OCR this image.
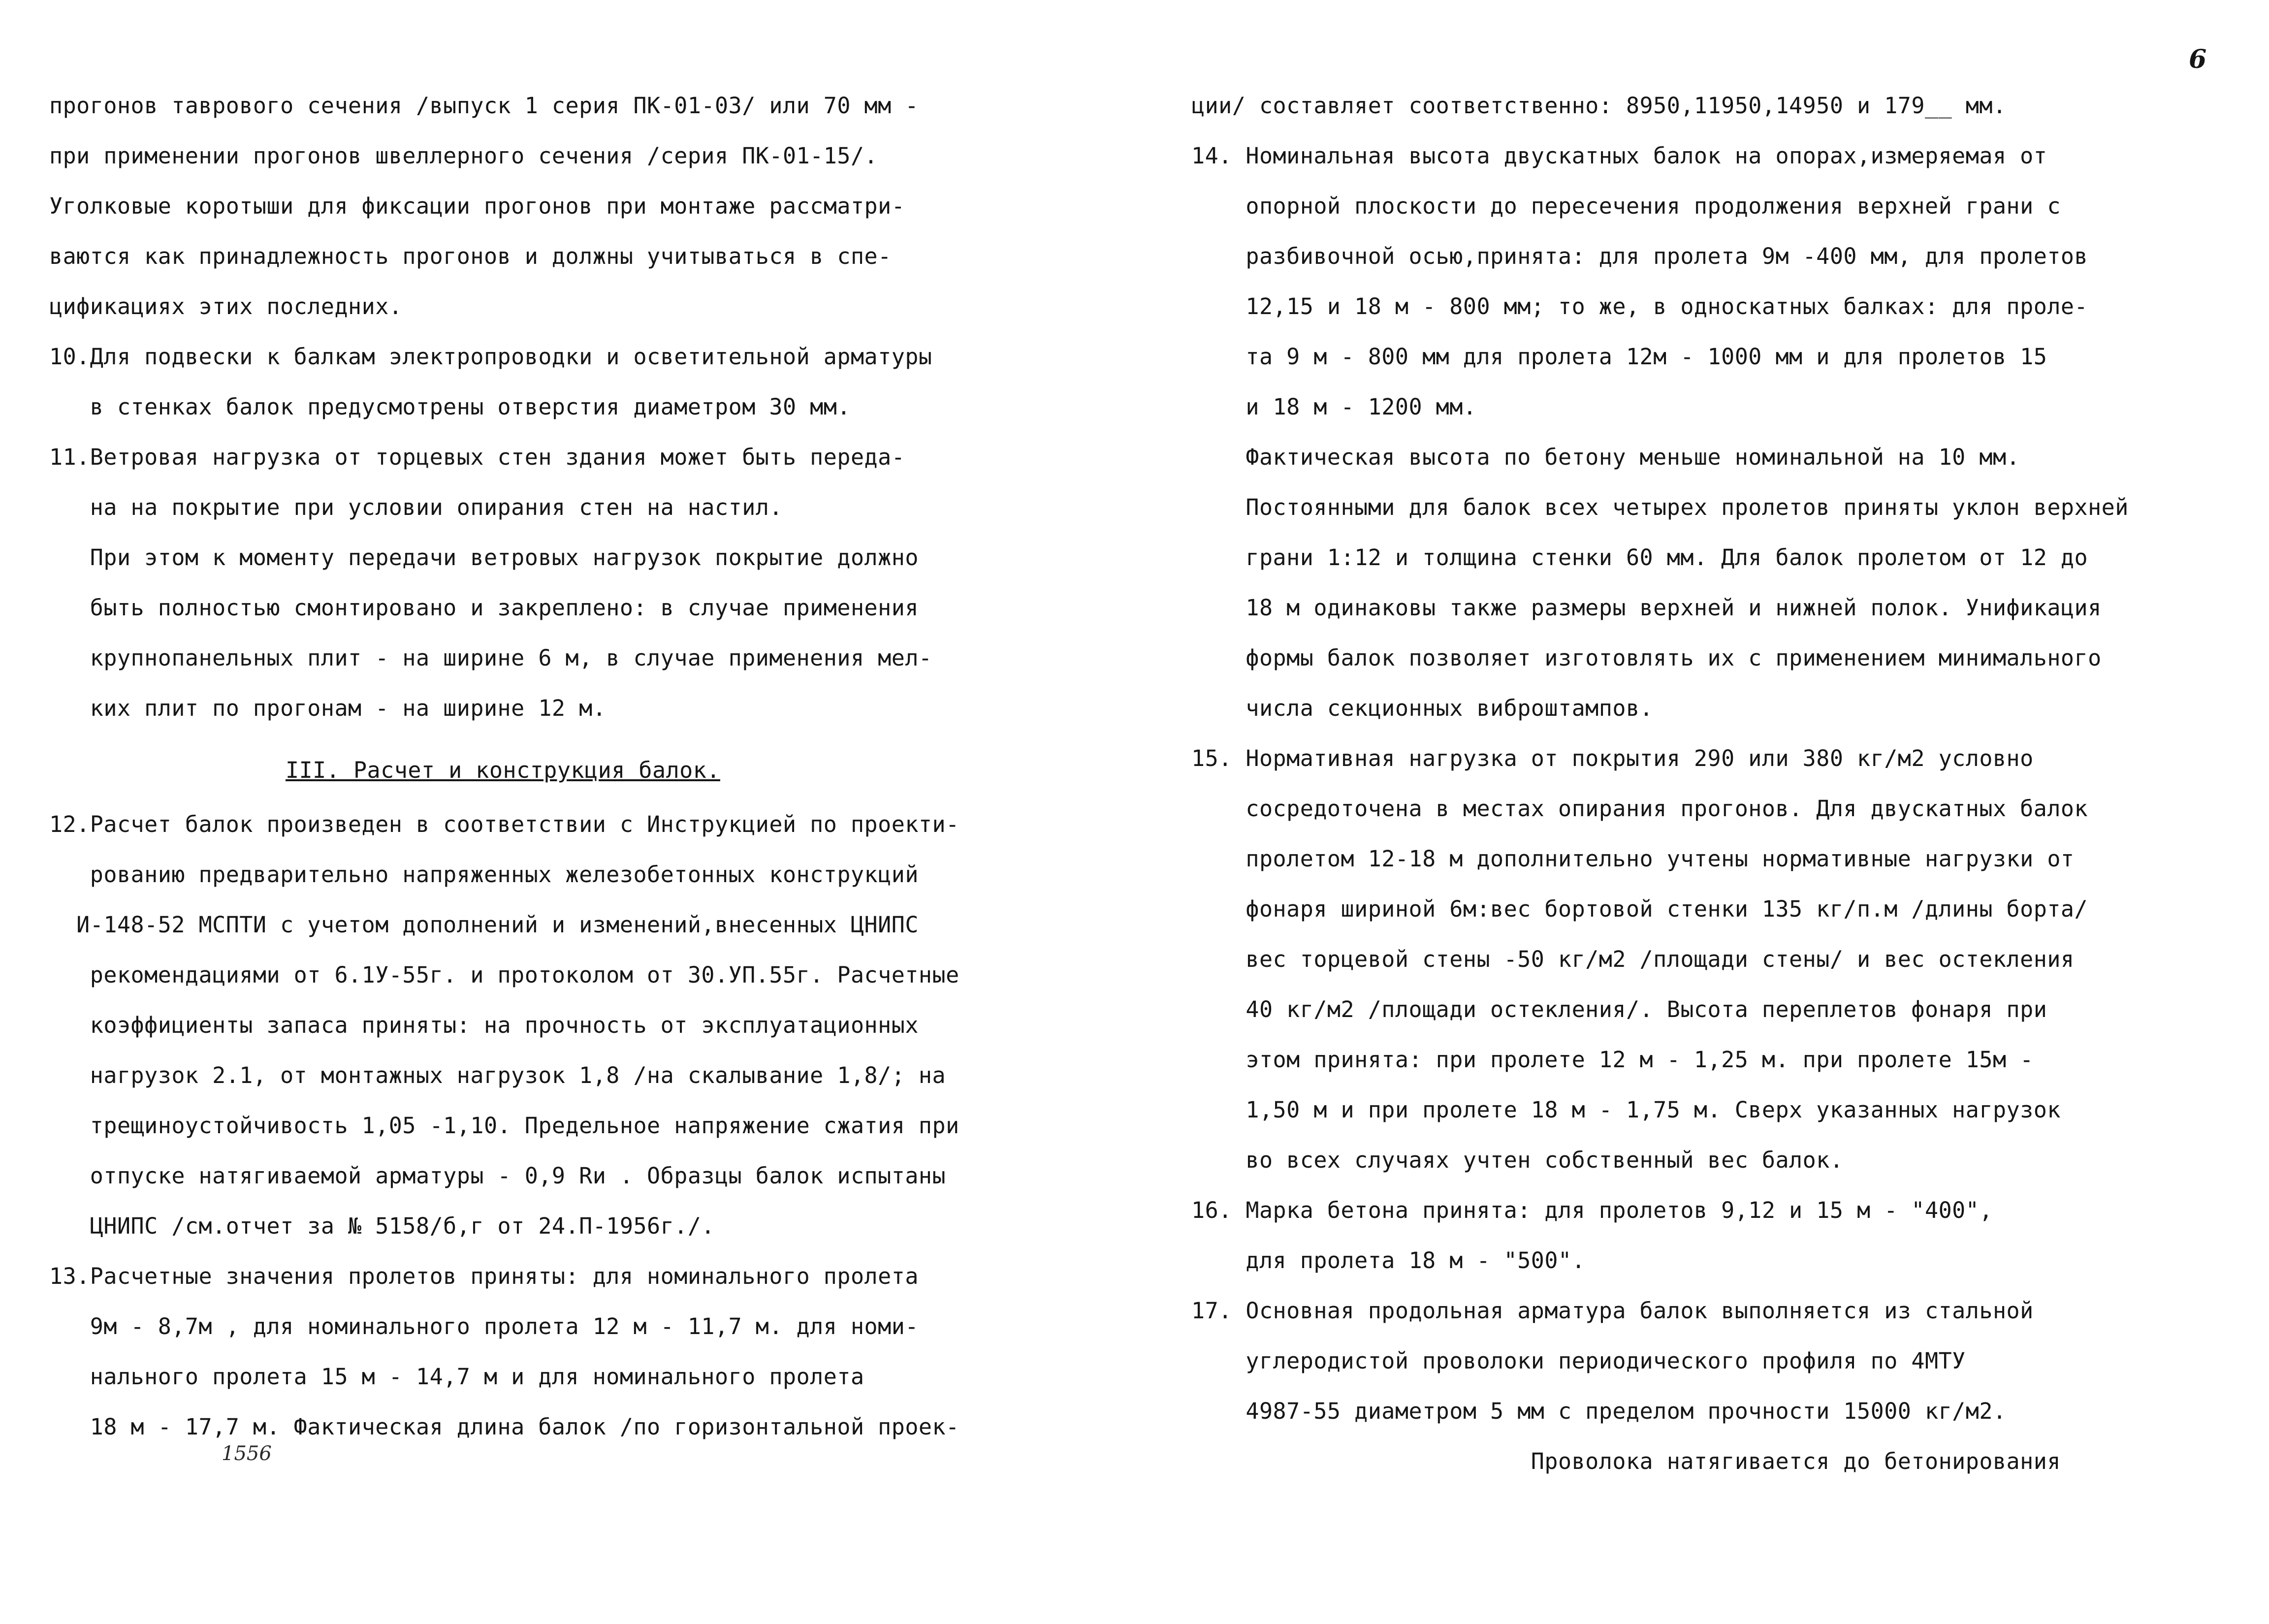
6
прогонов таврового сечения /выпуск 1 серия ПК-01-03/ или 70 мм -
при применении прогонов швеллерного сечения /серия ПК-01-15/.
Уголковые коротыши для фиксации прогонов при монтаже рассматри-
ваются как принадлежность прогонов и должны учитываться в спе-
цификациях этих последних.
10.Для подвески к балкам электропроводки и осветительной арматуры
в стенках балок предусмотрены отверстия диаметром 30 мм.
11.Ветровая нагрузка от торцевых стен здания может быть переда-
на на покрытие при условии опирания стен на настил.
При этом к моменту передачи ветровых нагрузок покрытие должно
быть полностью смонтировано и закреплено: в случае применения
крупнопанельных плит - на ширине 6 м, в случае применения мел-
ких плит по прогонам - на ширине 12 м.
III. Расчет и конструкция балок.
12.Расчет балок произведен в соответствии с Инструкцией по проекти-
рованию предварительно напряженных железобетонных конструкций
И-148-52 МСПТИ с учетом дополнений и изменений,внесенных ЦНИПС
рекомендациями от 6.1У-55г. и протоколом от 30.УП.55г. Расчетные
коэффициенты запаса приняты: на прочность от эксплуатационных
нагрузок 2.1, от монтажных нагрузок 1,8 /на скалывание 1,8/; на
трещиноустойчивость 1,05 -1,10. Предельное напряжение сжатия при
отпуске натягиваемой арматуры - 0,9 Rи . Образцы балок испытаны
ЦНИПС /см.отчет за № 5158/б,г от 24.П-1956г./.
13.Расчетные значения пролетов приняты: для номинального пролета
9м - 8,7м , для номинального пролета 12 м - 11,7 м. для номи-
нального пролета 15 м - 14,7 м и для номинального пролета
18 м - 17,7 м. Фактическая длина балок /по горизонтальной проек-
1556
ции/ составляет соответственно: 8950,11950,14950 и 179__ мм.
14. Номинальная высота двускатных балок на опорах,измеряемая от
опорной плоскости до пересечения продолжения верхней грани с
разбивочной осью,принята: для пролета 9м -400 мм, для пролетов
12,15 и 18 м - 800 мм; то же, в односкатных балках: для проле-
та 9 м - 800 мм для пролета 12м - 1000 мм и для пролетов 15
и 18 м - 1200 мм.
Фактическая высота по бетону меньше номинальной на 10 мм.
Постоянными для балок всех четырех пролетов приняты уклон верхней
грани 1:12 и толщина стенки 60 мм. Для балок пролетом от 12 до
18 м одинаковы также размеры верхней и нижней полок. Унификация
формы балок позволяет изготовлять их с применением минимального
числа секционных виброштампов.
15. Нормативная нагрузка от покрытия 290 или 380 кг/м2 условно
сосредоточена в местах опирания прогонов. Для двускатных балок
пролетом 12-18 м дополнительно учтены нормативные нагрузки от
фонаря шириной 6м:вес бортовой стенки 135 кг/п.м /длины борта/
вес торцевой стены -50 кг/м2 /площади стены/ и вес остекления
40 кг/м2 /площади остекления/. Высота переплетов фонаря при
этом принята: при пролете 12 м - 1,25 м. при пролете 15м -
1,50 м и при пролете 18 м - 1,75 м. Сверх указанных нагрузок
во всех случаях учтен собственный вес балок.
16. Марка бетона принята: для пролетов 9,12 и 15 м - "400",
для пролета 18 м - "500".
17. Основная продольная арматура балок выполняется из стальной
углеродистой проволоки периодического профиля по 4МТУ
4987-55 диаметром 5 мм с пределом прочности 15000 кг/м2.
Проволока натягивается до бетонирования
